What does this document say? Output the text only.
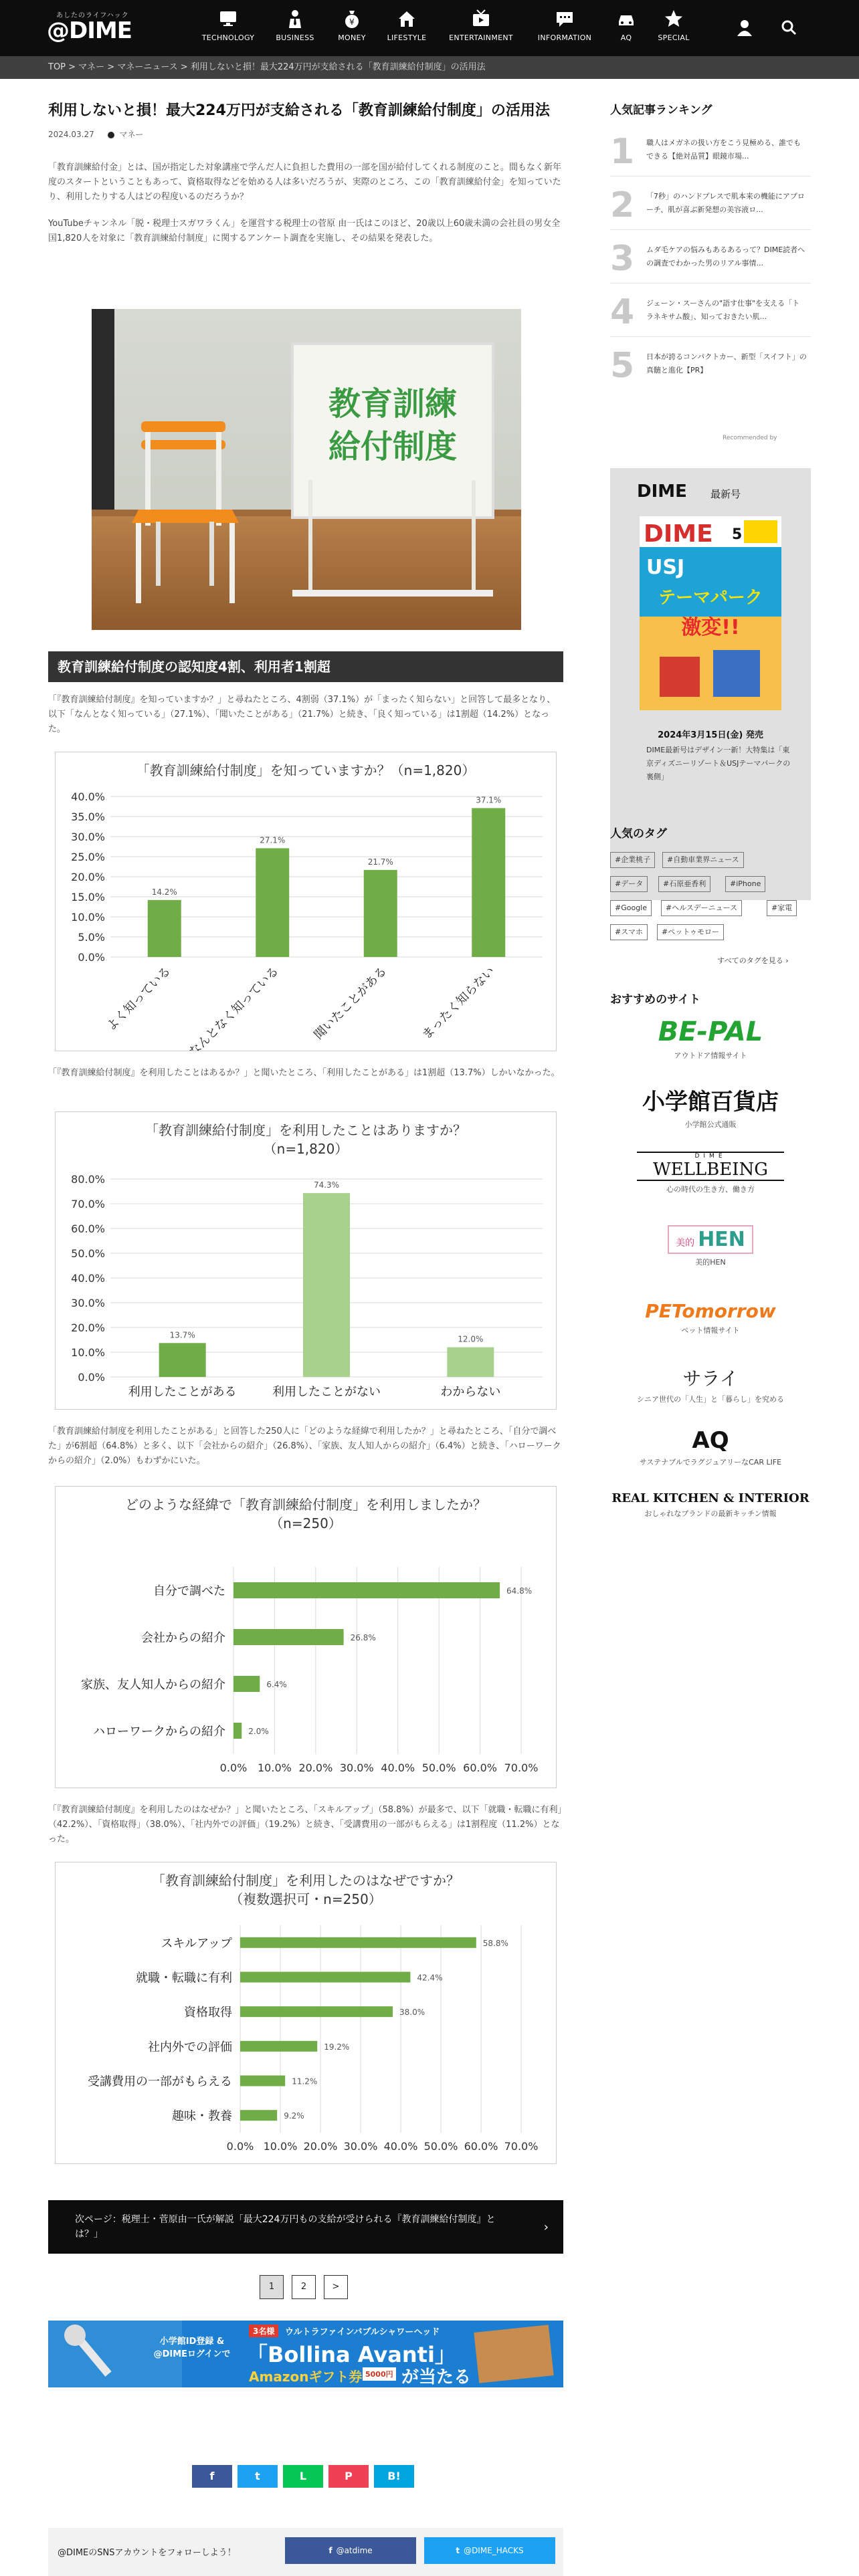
あしたのライフハック
@DIME	TECHNOLOGY	BUSINESS
¥
MONEY	LIFESTYLE	ENTERTAINMENT	INFORMATION	AQ	SPECIAL
TOP > マネー > マネーニュース > 利用しないと損！最大224万円が支給される「教育訓練給付制度」の活用法
利用しないと損！最大224万円が支給される「教育訓練給付制度」の活用法
2024.03.27	マネー

「教育訓練給付金」とは、国が指定した対象講座で学んだ人に負担した費用の一部を国が給付してくれる制度のこと。間もなく新年度のスタートということもあって、資格取得などを始める人は多いだろうが、実際のところ、この「教育訓練給付金」を知っていたり、利用したりする人はどの程度いるのだろうか？

YouTubeチャンネル「脱・税理士スガワラくん」を運営する税理士の菅原 由一氏はこのほど、20歳以上60歳未満の会社員の男女全国1,820人を対象に「教育訓練給付制度」に関するアンケート調査を実施し、その結果を発表した。

教育訓練
給付制度
教育訓練給付制度の認知度4割、利用者1割超

「『教育訓練給付制度』を知っていますか？」と尋ねたところ、4割弱（37.1%）が「まったく知らない」と回答して最多となり、以下「なんとなく知っている」（27.1%）、「聞いたことがある」（21.7%）と続き、「良く知っている」は1割超（14.2%）となった。

「教育訓練給付制度」を知っていますか？（n=1,820）
0.0%
5.0%
10.0%
15.0%
20.0%
25.0%
30.0%
35.0%
40.0%
14.2%
よく知っている
27.1%
なんとなく知っている
21.7%
聞いたことがある
37.1%
まったく知らない

「『教育訓練給付制度』を利用したことはあるか？」と聞いたところ、「利用したことがある」は1割超（13.7%）しかいなかった。

「教育訓練給付制度」を利用したことはありますか？
（n=1,820）
0.0%
10.0%
20.0%
30.0%
40.0%
50.0%
60.0%
70.0%
80.0%
13.7%
利用したことがある
74.3%
利用したことがない
12.0%
わからない

「教育訓練給付制度を利用したことがある」と回答した250人に「どのような経緯で利用したか？」と尋ねたところ、「自分で調べた」が6割超（64.8%）と多く、以下「会社からの紹介」（26.8%）、「家族、友人知人からの紹介」（6.4%）と続き、「ハローワークからの紹介」（2.0%）もわずかにいた。

どのような経緯で「教育訓練給付制度」を利用しましたか？
（n=250）
0.0% 10.0% 20.0% 30.0% 40.0% 50.0% 60.0% 70.0%
64.8%
自分で調べた
26.8%
会社からの紹介
6.4%
家族、友人知人からの紹介
2.0%
ハローワークからの紹介

「『教育訓練給付制度』を利用したのはなぜか？」と聞いたところ、「スキルアップ」（58.8%）が最多で、以下「就職・転職に有利」（42.2%）、「資格取得」（38.0%）、「社内外での評価」（19.2%）と続き、「受講費用の一部がもらえる」は1割程度（11.2%）となった。

「教育訓練給付制度」を利用したのはなぜですか？
（複数選択可・n=250）
0.0% 10.0% 20.0% 30.0% 40.0% 50.0% 60.0% 70.0%
58.8%
スキルアップ
42.4%
就職・転職に有利
38.0%
資格取得
19.2%
社内外での評価
11.2%
受講費用の一部がもらえる
9.2%
趣味・教養
次ページ：税理士・菅原由一氏が解説「最大224万円もの支給が受けられる『教育訓練給付制度』とは？」	›
1	2	>
小学館ID登録 & @DIMEログインで
3名様	ウルトラファインバブルシャワーヘッド
「Bollina Avanti」
Amazonギフト券 5000円 が当たる
f	t	L	P	B!
@DIMEのSNSアカウントをフォローしよう！	f @atdime	t @DIME_HACKS
人気記事ランキング
1 職人はメガネの扱い方をこう見極める、誰でもできる【絶対品質】眼鏡市場...
2 「7秒」のハンドプレスで肌本来の機能にアプローチ、肌が喜ぶ新発想の美容液ロ...
3 ムダ毛ケアの悩みもあるあるって？DIME読者への調査でわかった男のリアル事情...
4 ジェーン・スーさんの"語す仕事"を支える「トラネキサム酸」、知っておきたい肌...
5 日本が誇るコンパクトカー、新型「スイフト」の真髄と進化【PR】
Recommended by
DIME 最新号
DIME 5
USJ
テーマパーク
激変!!
2024年3月15日(金) 発売
DIME最新号はデザイン一新！大特集は「東京ディズニーリゾート＆USJテーマパークの裏側」
人気のタグ
#企業桃子	#自動車業界ニュース
#データ	#石原亜香利	#iPhone
#Google	#ヘルスデーニュース	#家電
#スマホ	#ペットゥモロー
すべてのタグを見る ›
おすすめのサイト
BE-PAL
アウトドア情報サイト
小学館百貨店
小学館公式通販
DIME
WELLBEING
心の時代の生き方、働き方
美的 HEN
美的HEN
PETomorrow
ペット情報サイト
サライ
シニア世代の「人生」と「暮らし」を究める
AQ
サステナブルでラグジュアリーなCAR LIFE
REAL KITCHEN & INTERIOR
おしゃれなブランドの最新キッチン情報
